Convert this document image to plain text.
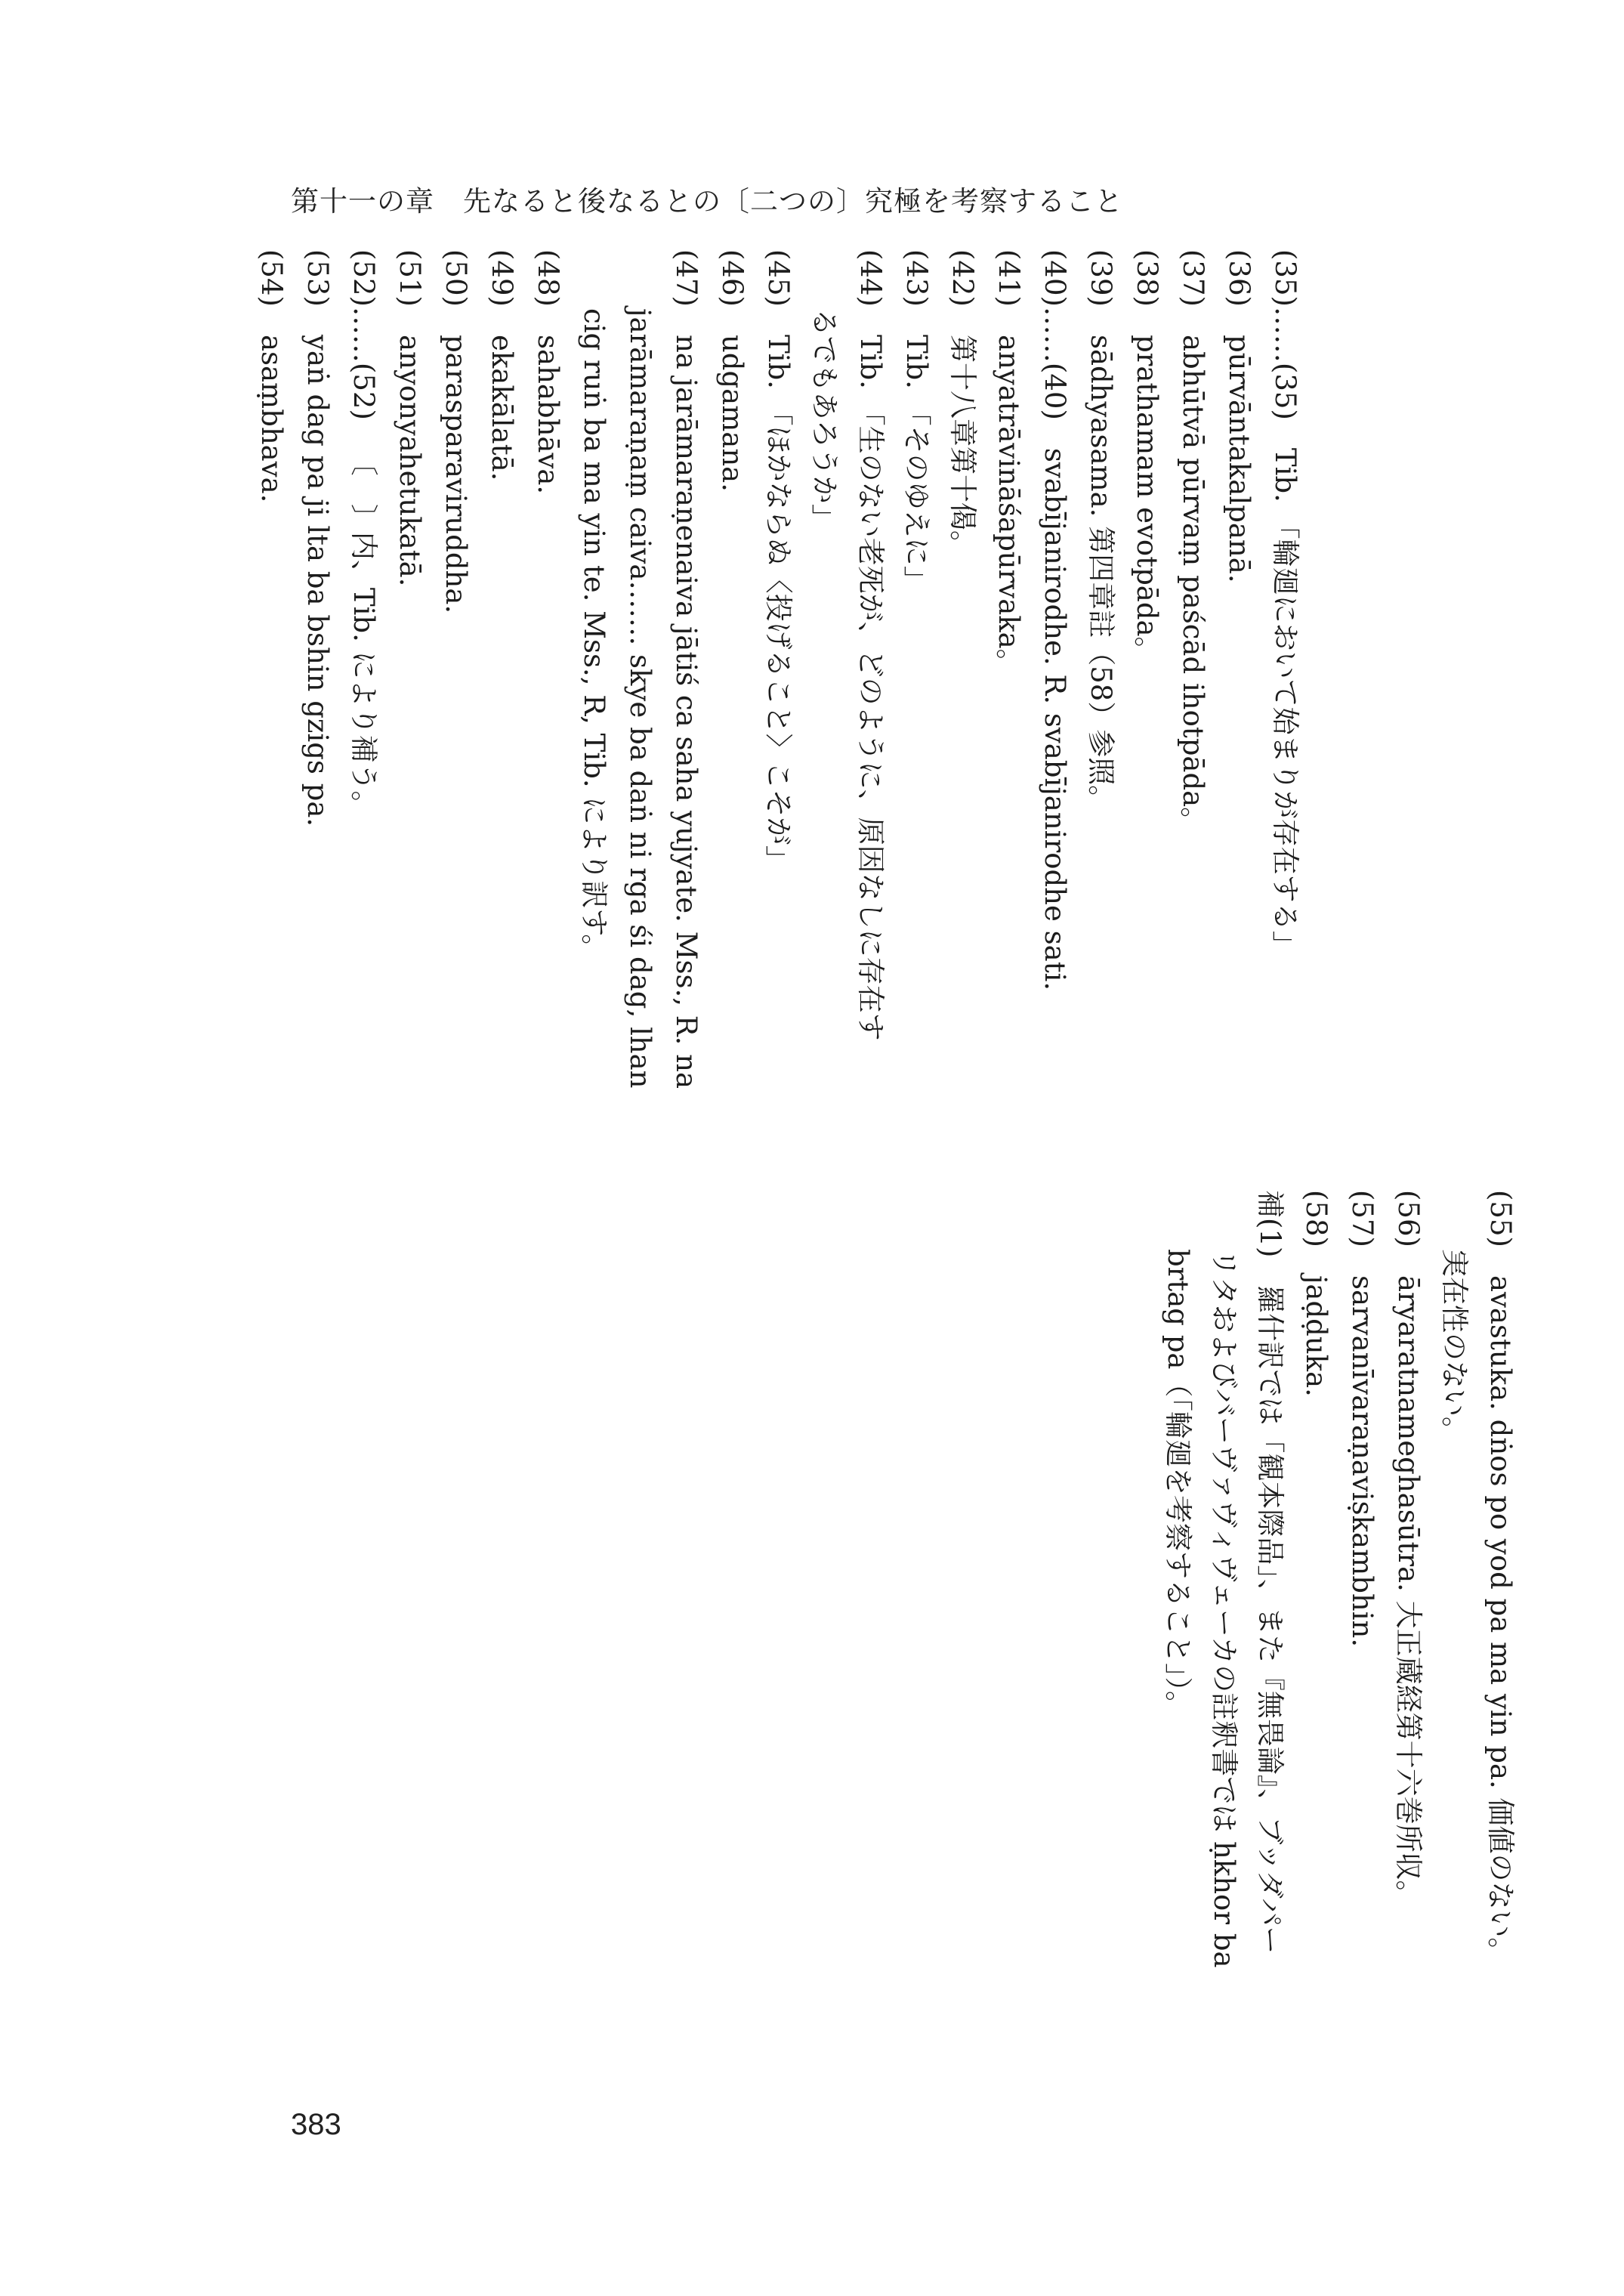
第十一の章　先なると後なるとの〔二つの〕究極を考察すること
(54) asaṃbhava.
(53) yaṅ dag pa ji lta ba bshin gzigs pa. (52)……(52) 〔　〕内、Tib. により補う。
(51) anyonyahetukatā.
(50) parasparaviruddha.
(49) ekakālatā.
(48) sahabhāva. cig ruṅ ba ma yin te. Mss., R, Tib. により訳す。 jarāmaraṇaṃ caiva……. skye ba daṅ ni rga śi dag, lhan
(47) na jarāmaraṇenaiva jātiś ca saha yujyate. Mss., R. na
(46) udgamana.
(45) Tib. 「ほかならぬ〈投げること〉こそが」 るでもあろうか」
(44) Tib. 「生のない老死が、どのように、原因なしに存在す
(43) Tib. 「そのゆえに」
(42) 第十八章第十偈。
(41) anyatrāvināśapūrvaka。 (40)……(40) svabījanirodhe. R. svabījanirodhe sati.
(39) sādhyasama. 第四章註（58）参照。
(38) prathamam evotpāda。
(37) abhūtvā pūrvaṃ paścād ihotpāda。
(36) pūrvāntakalpanā. (35)……(35) Tib. 「輪廻において始まりが存在する」
brtag pa（「輪廻を考察すること」）。 リタおよびバーヴァヴィヴェーカの註釈書では ḥkhor ba
補(1) 羅什訳では「観本際品」、また『無畏論』、ブッダパー
(58) jaḍḍuka.
(57) sarvanīvaraṇaviṣkambhin.
(56) āryaratnameghasūtra. 大正蔵経第十六巻所収。 実在性のない。
(55) avastuka. dṅos po yod pa ma yin pa. 価値のない。
383
